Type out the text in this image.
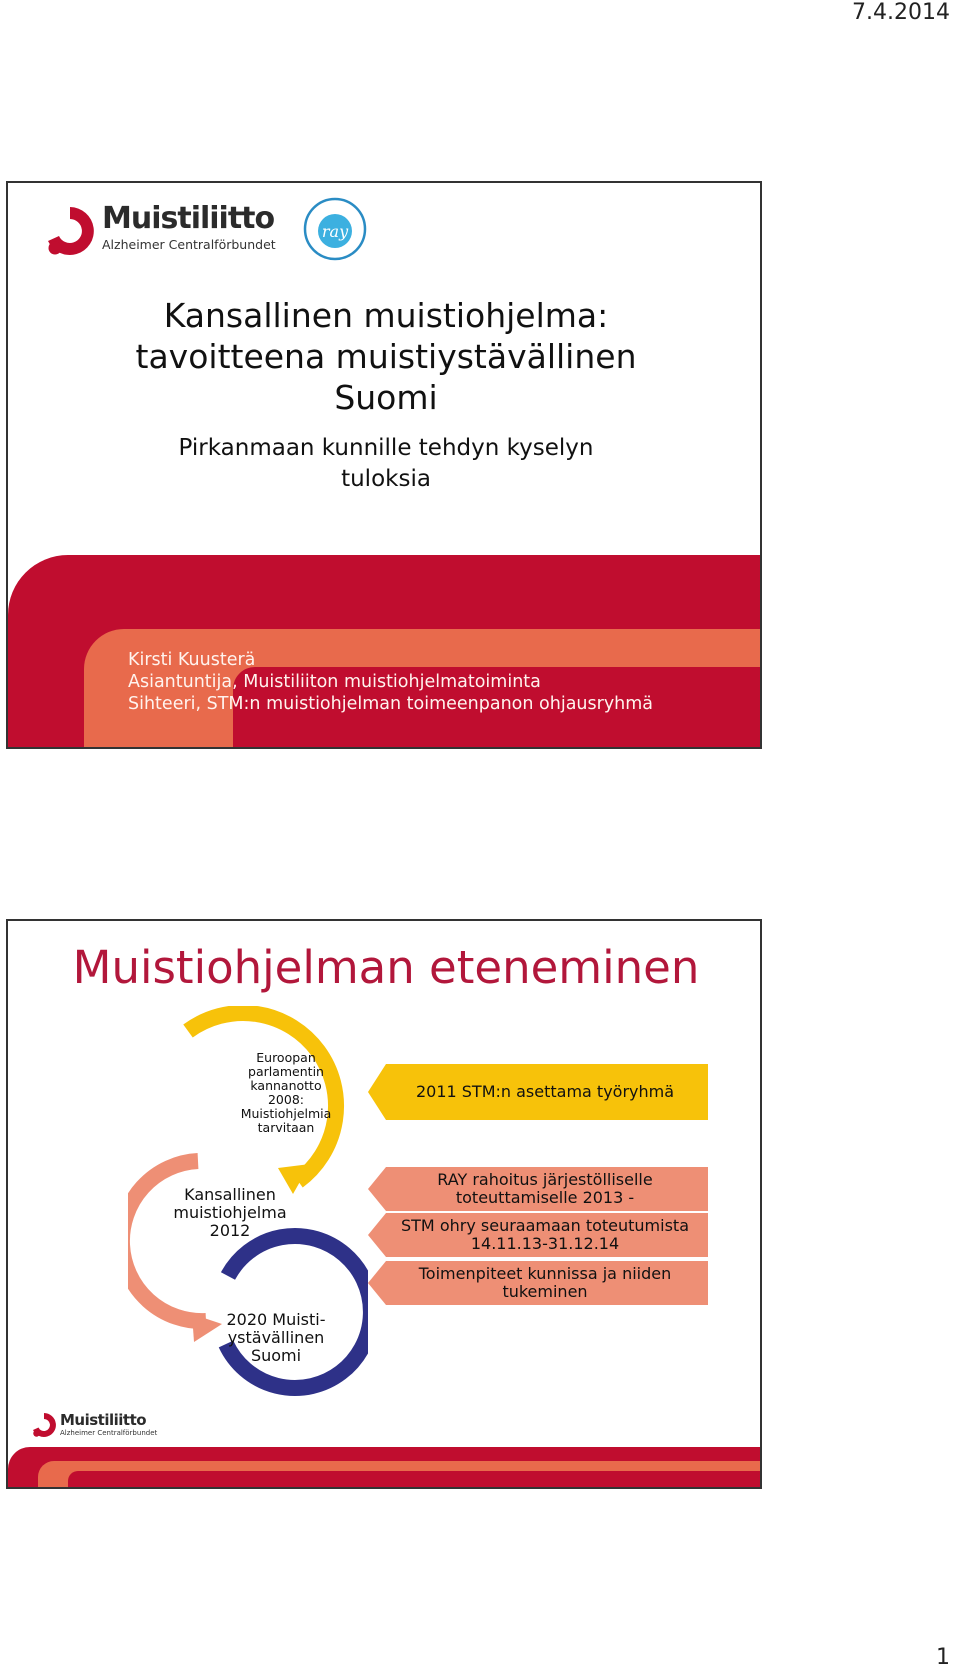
7.4.2014
Muistiliitto
Alzheimer Centralförbundet
ray
Kansallinen muistiohjelma:
tavoitteena muistiystävällinen
Suomi
Pirkanmaan kunnille tehdyn kyselyn
tuloksia
Kirsti Kuusterä
Asiantuntija, Muistiliiton muistiohjelmatoiminta
Sihteeri, STM:n muistiohjelman toimeenpanon ohjausryhmä
Muistiohjelman eteneminen
Euroopan
parlamentin
kannanotto
2008:
Muistiohjelmia
tarvitaan
Kansallinen
muistiohjelma
2012
2020 Muisti-
ystävällinen
Suomi
2011 STM:n asettama työryhmä
RAY rahoitus järjestölliselle toteuttamiselle 2013 -
STM ohry seuraamaan toteutumista 14.11.13-31.12.14
Toimenpiteet kunnissa ja niiden tukeminen
Muistiliitto
Alzheimer Centralförbundet
1
